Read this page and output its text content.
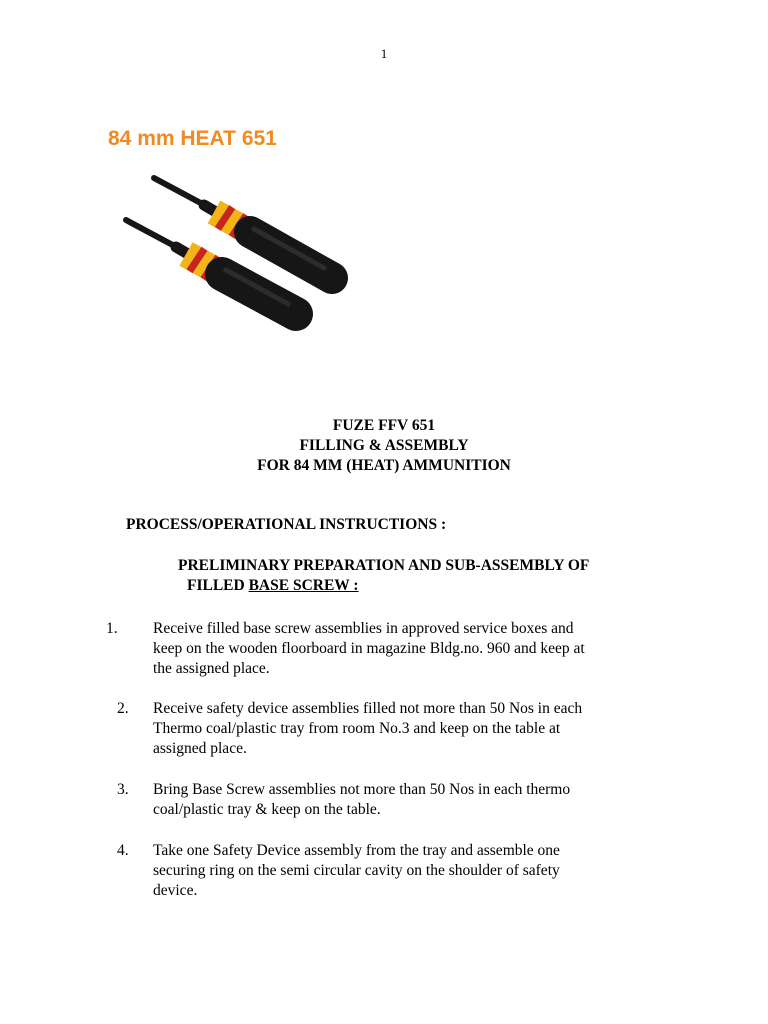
1
84 mm HEAT 651
FUZE FFV 651
FILLING & ASSEMBLY
FOR 84 MM (HEAT) AMMUNITION
PROCESS/OPERATIONAL INSTRUCTIONS :
PRELIMINARY PREPARATION AND SUB-ASSEMBLY OF
FILLED BASE SCREW :
1. Receive filled base screw assemblies in approved service boxes and
keep on the wooden floorboard in magazine Bldg.no. 960 and keep at
the assigned place.
2. Receive safety device assemblies filled not more than 50 Nos in each
Thermo coal/plastic tray from room No.3 and keep on the table at
assigned place.
3. Bring Base Screw assemblies not more than 50 Nos in each thermo
coal/plastic tray & keep on the table.
4. Take one Safety Device assembly from the tray and assemble one
securing ring on the semi circular cavity on the shoulder of safety
device.
